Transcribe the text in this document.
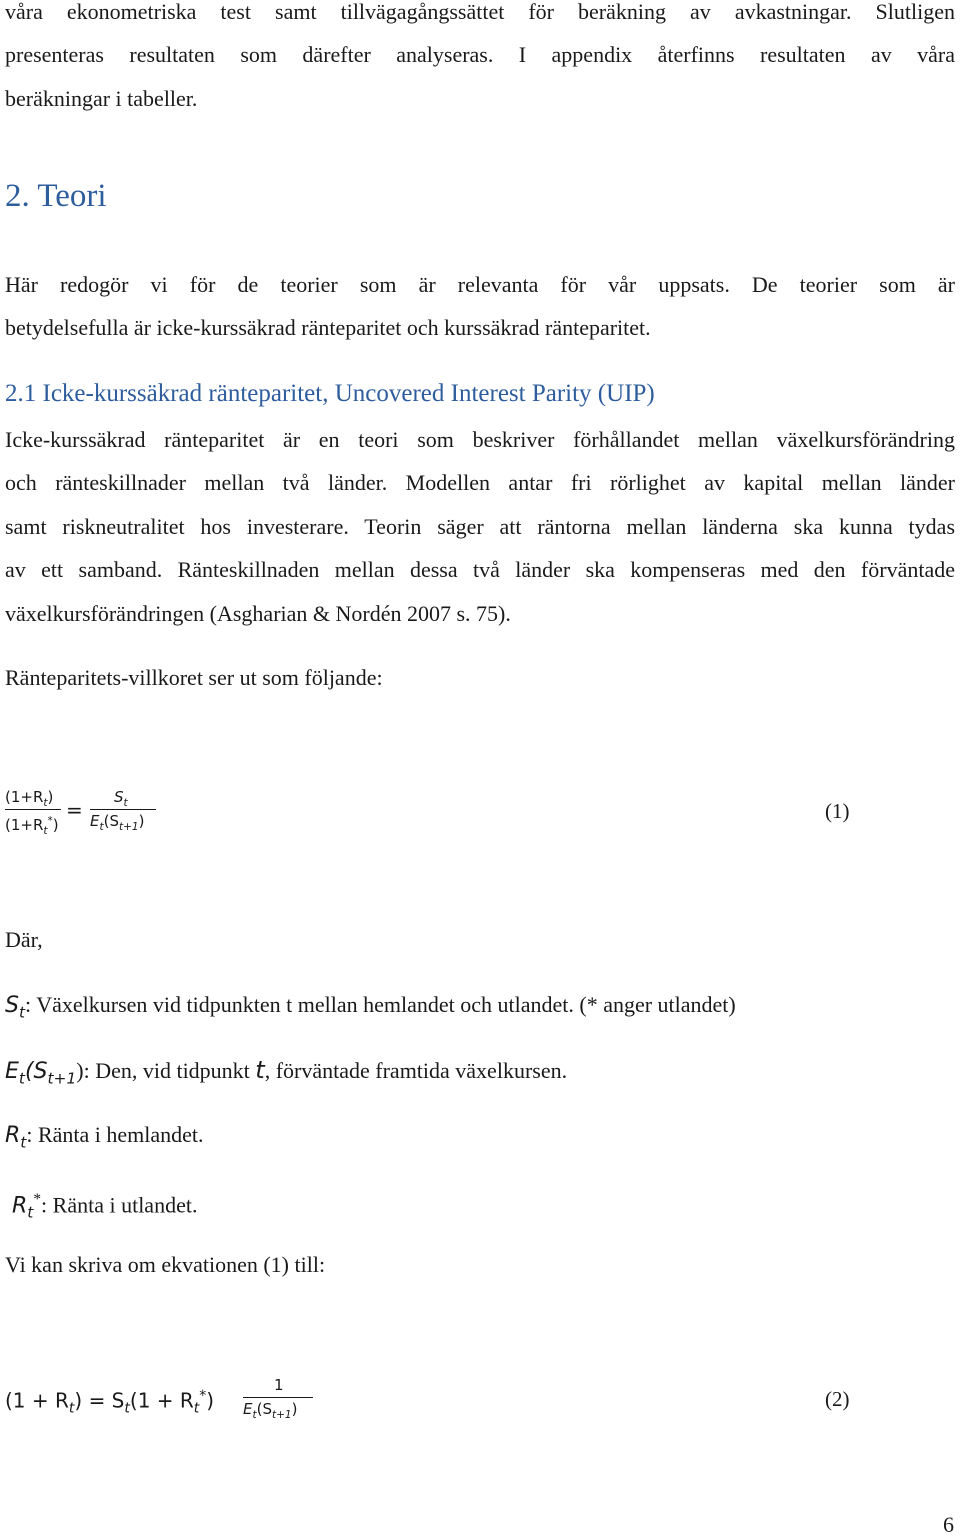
våra ekonometriska test samt tillvägagångssättet för beräkning av avkastningar. Slutligen

presenteras resultaten som därefter analyseras. I appendix återfinns resultaten av våra

beräkningar i tabeller.

2. Teori

Här redogör vi för de teorier som är relevanta för vår uppsats. De teorier som är

betydelsefulla är icke-kurssäkrad ränteparitet och kurssäkrad ränteparitet.

2.1 Icke-kurssäkrad ränteparitet, Uncovered Interest Parity (UIP)

Icke-kurssäkrad ränteparitet är en teori som beskriver förhållandet mellan växelkursförändring

och ränteskillnader mellan två länder. Modellen antar fri rörlighet av kapital mellan länder

samt riskneutralitet hos investerare. Teorin säger att räntorna mellan länderna ska kunna tydas

av ett samband. Ränteskillnaden mellan dessa två länder ska kompenseras med den förväntade

växelkursförändringen (Asgharian & Nordén 2007 s. 75).

Ränteparitets-villkoret ser ut som följande:

$(1+R_t)$
$(1+R_t^*)$
=
$S_t$
$E_t(S_{t+1})$	(1)

Där,

$S_t$: Växelkursen vid tidpunkten t mellan hemlandet och utlandet. (* anger utlandet)

$E_t(S_{t+1})$: Den, vid tidpunkt t, förväntade framtida växelkursen.

$R_t$: Ränta i hemlandet.

$R_t^*$: Ränta i utlandet.

Vi kan skriva om ekvationen (1) till:

$(1 + R_t) = S_t(1 + R_t^*)$
1
$E_t(S_{t+1})$	(2)
6
